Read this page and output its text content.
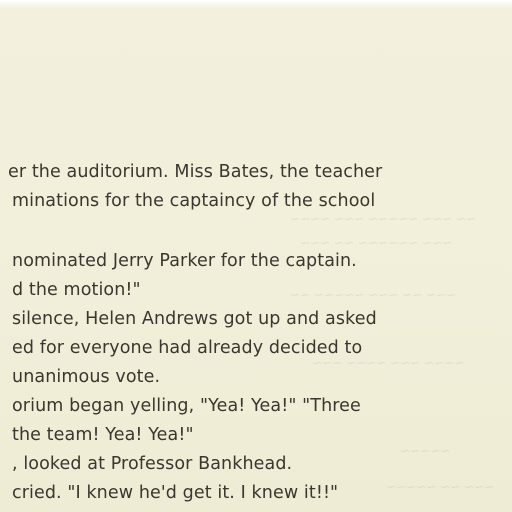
~~ ~~~ ~~~~~ ~~~ ~~~~
~~~ ~~~~~~ ~~ ~~~
~~~ ~~ ~~~ ~~~~~ ~~
~~~~ ~~~ ~~~~ ~~~
~~~~~
~~~ ~~ ~~~~~
er the auditorium. Miss Bates, the teacher
minations for the captaincy of the school
nominated Jerry Parker for the captain.
d the motion!"
silence, Helen Andrews got up and asked
ed for everyone had already decided to
unanimous vote.
orium began yelling, "Yea! Yea!" "Three
the team! Yea! Yea!"
, looked at Professor Bankhead.
cried. "I knew he'd get it. I knew it!!"
